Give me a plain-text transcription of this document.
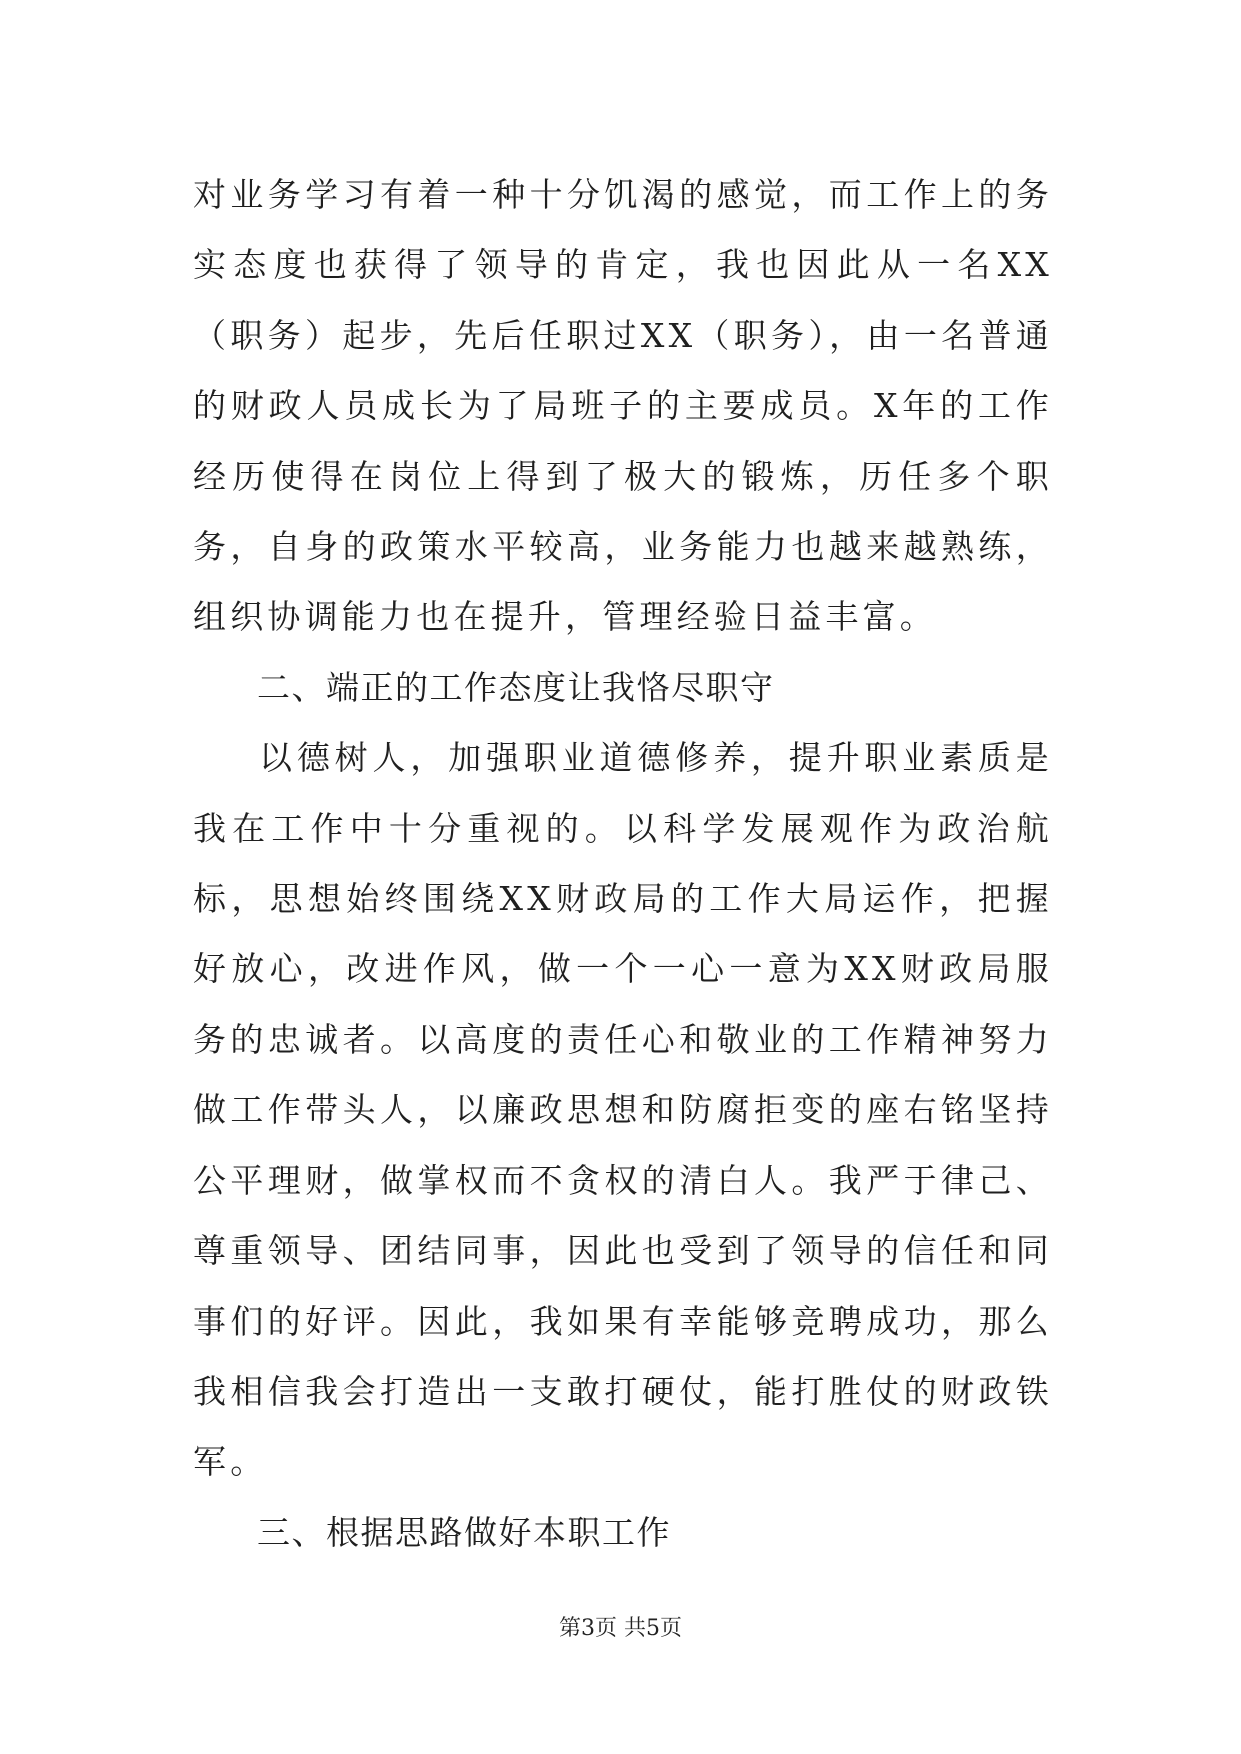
对业务学习有着一种十分饥渴的感觉，而工作上的务实态度也获得了领导的肯定，我也因此从一名XX（职务）起步，先后任职过XX（职务），由一名普通的财政人员成长为了局班子的主要成员。X年的工作经历使得在岗位上得到了极大的锻炼，历任多个职务，自身的政策水平较高，业务能力也越来越熟练，组织协调能力也在提升，管理经验日益丰富。

二、端正的工作态度让我恪尽职守

以德树人，加强职业道德修养，提升职业素质是我在工作中十分重视的。以科学发展观作为政治航标，思想始终围绕XX财政局的工作大局运作，把握好放心，改进作风，做一个一心一意为XX财政局服务的忠诚者。以高度的责任心和敬业的工作精神努力做工作带头人，以廉政思想和防腐拒变的座右铭坚持公平理财，做掌权而不贪权的清白人。我严于律己、尊重领导、团结同事，因此也受到了领导的信任和同事们的好评。因此，我如果有幸能够竞聘成功，那么我相信我会打造出一支敢打硬仗，能打胜仗的财政铁军。

三、根据思路做好本职工作
第3页 共5页
